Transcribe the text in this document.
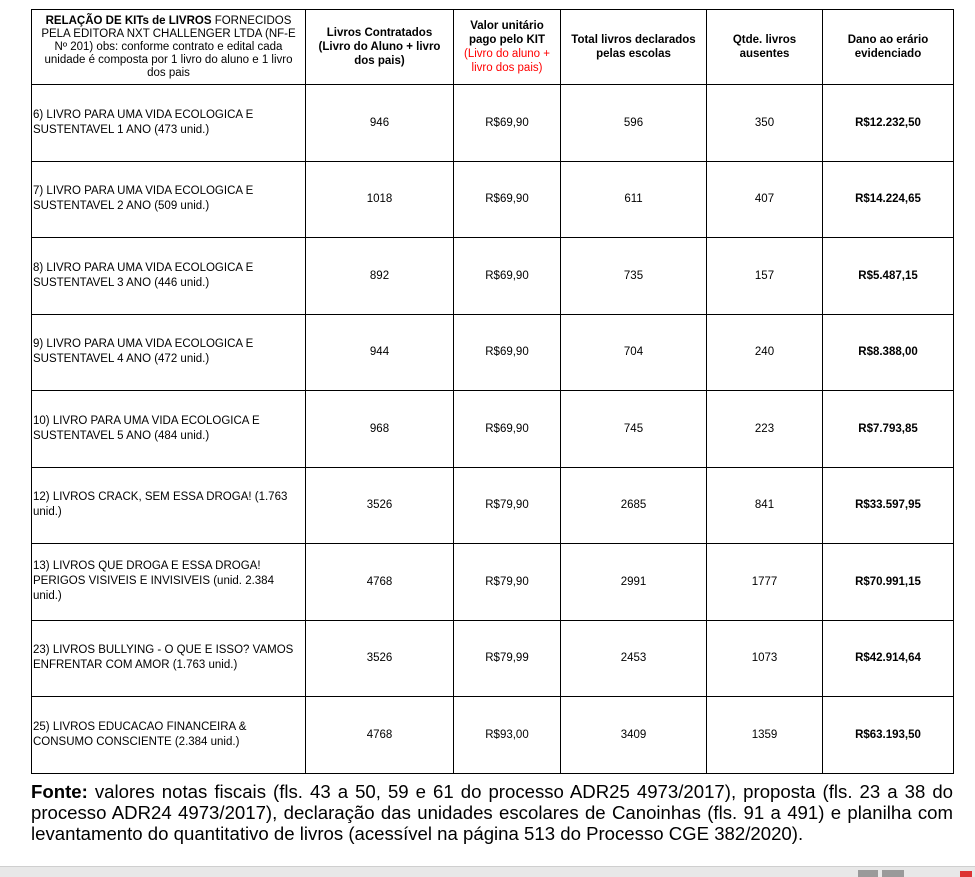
RELAÇÃO DE KITs de LIVROS FORNECIDOS PELA EDITORA NXT CHALLENGER LTDA (NF-E Nº 201) obs: conforme contrato e edital cada unidade é composta por 1 livro do aluno e 1 livro dos pais	Livros Contratados (Livro do Aluno + livro dos pais)	Valor unitário pago pelo KIT (Livro do aluno + livro dos pais)	Total livros declarados pelas escolas	Qtde. livros ausentes	Dano ao erário evidenciado
6) LIVRO PARA UMA VIDA ECOLOGICA E SUSTENTAVEL 1 ANO (473 unid.)	946	R$69,90	596	350	R$12.232,50
7) LIVRO PARA UMA VIDA ECOLOGICA E SUSTENTAVEL 2 ANO (509 unid.)	1018	R$69,90	611	407	R$14.224,65
8) LIVRO PARA UMA VIDA ECOLOGICA E SUSTENTAVEL 3 ANO (446 unid.)	892	R$69,90	735	157	R$5.487,15
9) LIVRO PARA UMA VIDA ECOLOGICA E SUSTENTAVEL 4 ANO (472 unid.)	944	R$69,90	704	240	R$8.388,00
10) LIVRO PARA UMA VIDA ECOLOGICA E SUSTENTAVEL 5 ANO (484 unid.)	968	R$69,90	745	223	R$7.793,85
12) LIVROS CRACK, SEM ESSA DROGA! (1.763 unid.)	3526	R$79,90	2685	841	R$33.597,95
13) LIVROS QUE DROGA E ESSA DROGA! PERIGOS VISIVEIS E INVISIVEIS (unid. 2.384 unid.)	4768	R$79,90	2991	1777	R$70.991,15
23) LIVROS BULLYING - O QUE E ISSO? VAMOS ENFRENTAR COM AMOR (1.763 unid.)	3526	R$79,99	2453	1073	R$42.914,64
25) LIVROS EDUCACAO FINANCEIRA & CONSUMO CONSCIENTE (2.384 unid.)	4768	R$93,00	3409	1359	R$63.193,50
Fonte: valores notas fiscais (fls. 43 a 50, 59 e 61 do processo ADR25 4973/2017), proposta (fls. 23 a 38 do processo ADR24 4973/2017), declaração das unidades escolares de Canoinhas (fls. 91 a 491) e planilha com levantamento do quantitativo de livros (acessível na página 513 do Processo CGE 382/2020).
